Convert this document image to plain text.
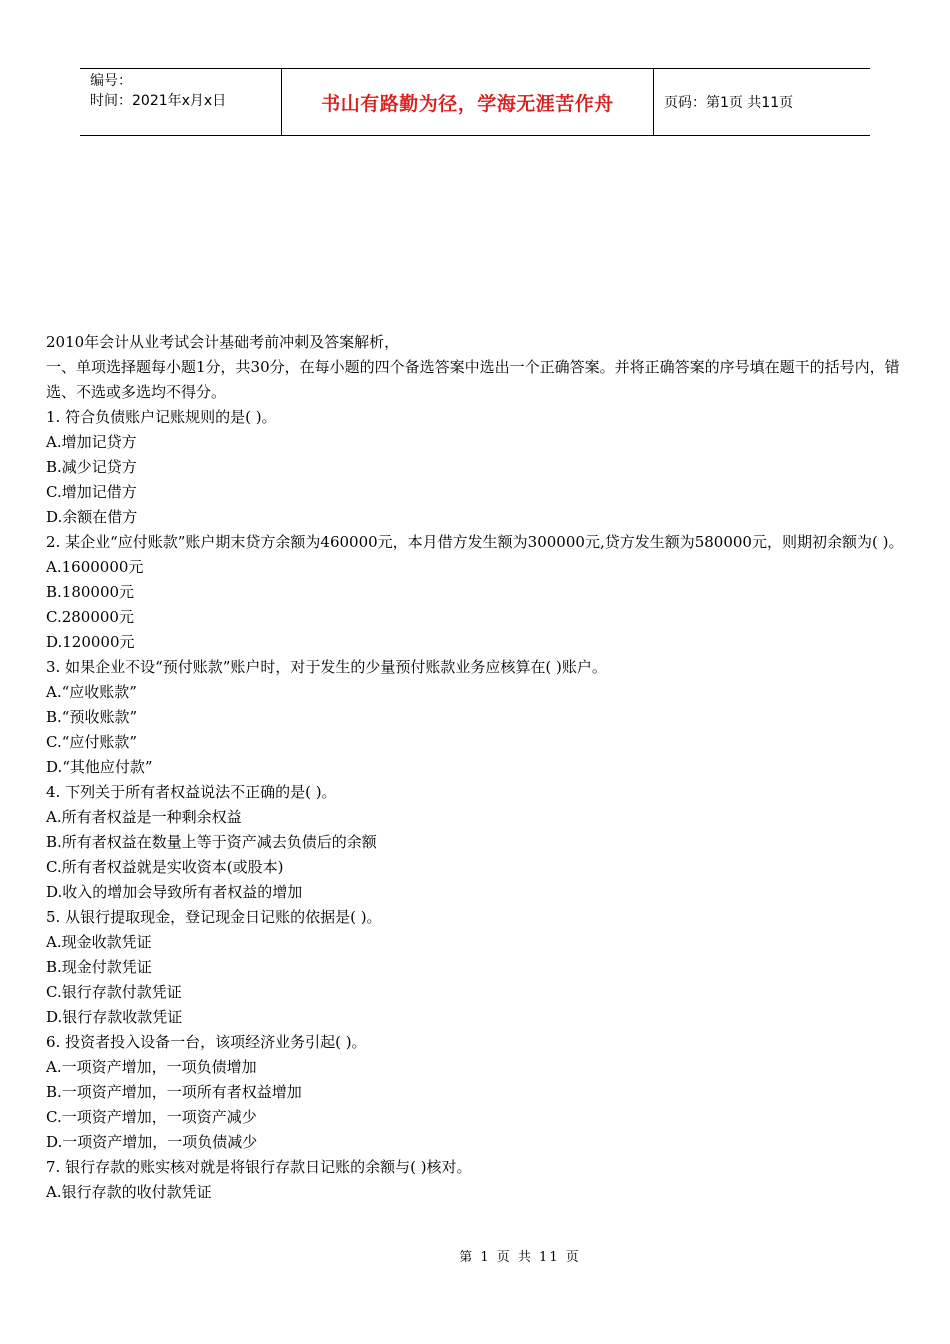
编号：
时间：2021年x月x日	书山有路勤为径，学海无涯苦作舟	页码：第1页 共11页

2010年会计从业考试会计基础考前冲刺及答案解析，

一、单项选择题每小题1分，共30分，在每小题的四个备选答案中选出一个正确答案。并将正确答案的序号填在题干的括号内，错选、不选或多选均不得分。

1. 符合负债账户记账规则的是( )。

A.增加记贷方

B.减少记贷方

C.增加记借方

D.余额在借方

2. 某企业“应付账款”账户期末贷方余额为460000元，本月借方发生额为300000元,贷方发生额为580000元，则期初余额为( )。

A.1600000元

B.180000元

C.280000元

D.120000元

3. 如果企业不设“预付账款”账户时，对于发生的少量预付账款业务应核算在( )账户。

A.“应收账款”

B.“预收账款”

C.“应付账款”

D.“其他应付款”

4. 下列关于所有者权益说法不正确的是( )。

A.所有者权益是一种剩余权益

B.所有者权益在数量上等于资产减去负债后的余额

C.所有者权益就是实收资本(或股本)

D.收入的增加会导致所有者权益的增加

5. 从银行提取现金，登记现金日记账的依据是( )。

A.现金收款凭证

B.现金付款凭证

C.银行存款付款凭证

D.银行存款收款凭证

6. 投资者投入设备一台，该项经济业务引起( )。

A.一项资产增加，一项负债增加

B.一项资产增加，一项所有者权益增加

C.一项资产增加，一项资产减少

D.一项资产增加，一项负债减少

7. 银行存款的账实核对就是将银行存款日记账的余额与( )核对。

A.银行存款的收付款凭证

第 1 页 共 11 页
